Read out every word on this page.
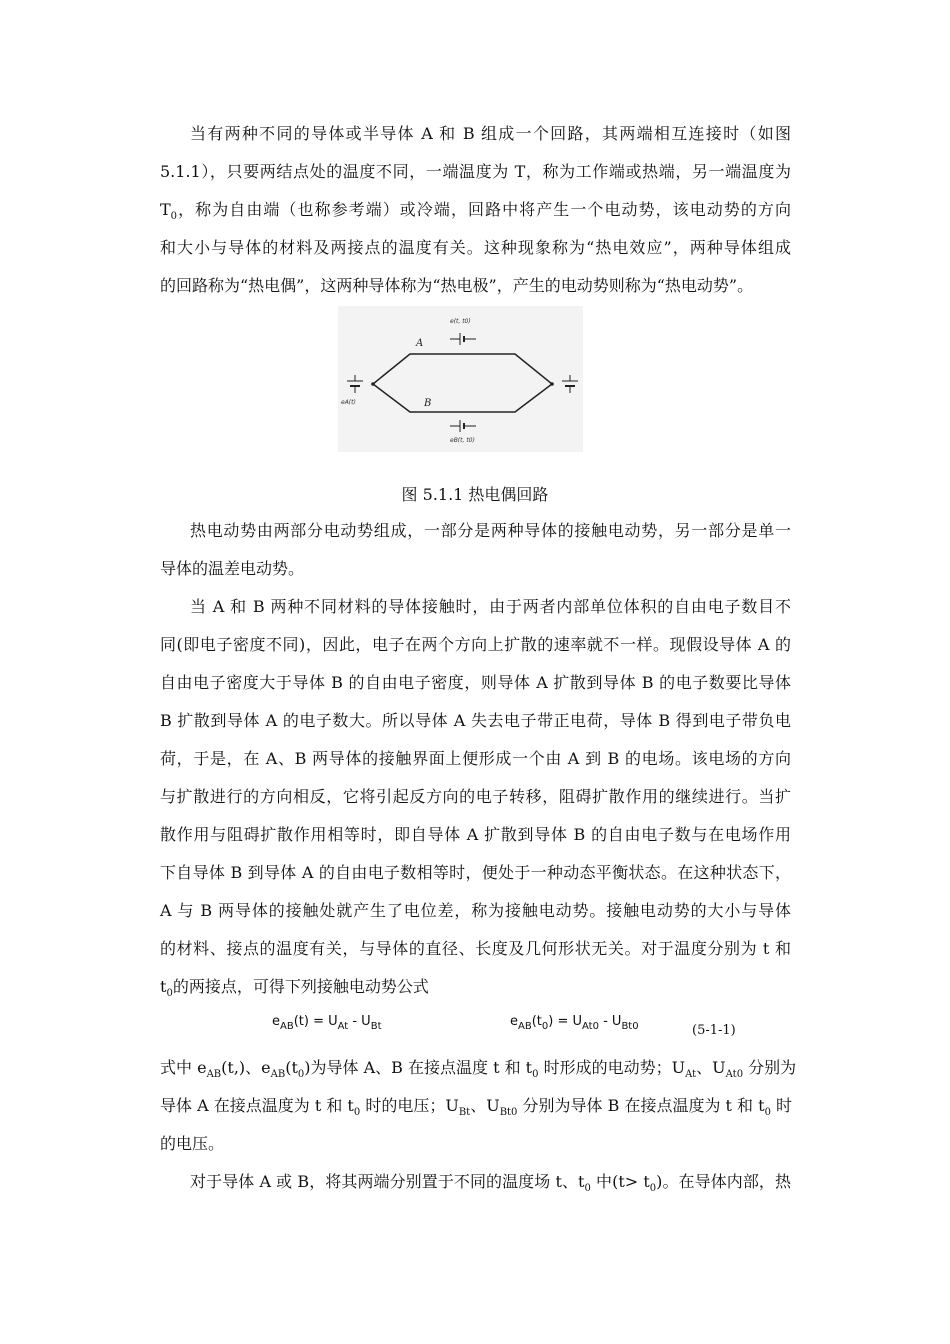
当有两种不同的导体或半导体 A 和 B 组成一个回路，其两端相互连接时（如图
5.1.1），只要两结点处的温度不同，一端温度为 T，称为工作端或热端，另一端温度为
$T_0$，称为自由端（也称参考端）或冷端，回路中将产生一个电动势，该电动势的方向
和大小与导体的材料及两接点的温度有关。这种现象称为“热电效应”，两种导体组成
的回路称为“热电偶”，这两种导体称为“热电极”，产生的电动势则称为“热电动势”。
A
B
e(t, t0)
eA(t)
eB(t, t0)
图 5.1.1 热电偶回路
热电动势由两部分电动势组成，一部分是两种导体的接触电动势，另一部分是单一
导体的温差电动势。
当 A 和 B 两种不同材料的导体接触时，由于两者内部单位体积的自由电子数目不
同(即电子密度不同)，因此，电子在两个方向上扩散的速率就不一样。现假设导体 A 的
自由电子密度大于导体 B 的自由电子密度，则导体 A 扩散到导体 B 的电子数要比导体
B 扩散到导体 A 的电子数大。所以导体 A 失去电子带正电荷，导体 B 得到电子带负电
荷，于是，在 A、B 两导体的接触界面上便形成一个由 A 到 B 的电场。该电场的方向
与扩散进行的方向相反，它将引起反方向的电子转移，阻碍扩散作用的继续进行。当扩
散作用与阻碍扩散作用相等时，即自导体 A 扩散到导体 B 的自由电子数与在电场作用
下自导体 B 到导体 A 的自由电子数相等时，便处于一种动态平衡状态。在这种状态下，
A 与 B 两导体的接触处就产生了电位差，称为接触电动势。接触电动势的大小与导体
的材料、接点的温度有关，与导体的直径、长度及几何形状无关。对于温度分别为 t 和
$t_0$的两接点，可得下列接触电动势公式
$e_{AB}(t) = U_{At} - U_{Bt}$	$e_{AB}(t_0) = U_{At0} - U_{Bt0}$	(5-1-1)
式中 $e_{AB}(t,)$、$e_{AB}(t_0)$为导体 A、B 在接点温度 t 和 $t_0$ 时形成的电动势；$U_{At}$、$U_{At0}$ 分别为
导体 A 在接点温度为 t 和 $t_0$ 时的电压；$U_{Bt}$、$U_{Bt0}$ 分别为导体 B 在接点温度为 t 和 $t_0$ 时
的电压。
对于导体 A 或 B，将其两端分别置于不同的温度场 t、$t_0$ 中$(t> t_0)$。在导体内部，热
